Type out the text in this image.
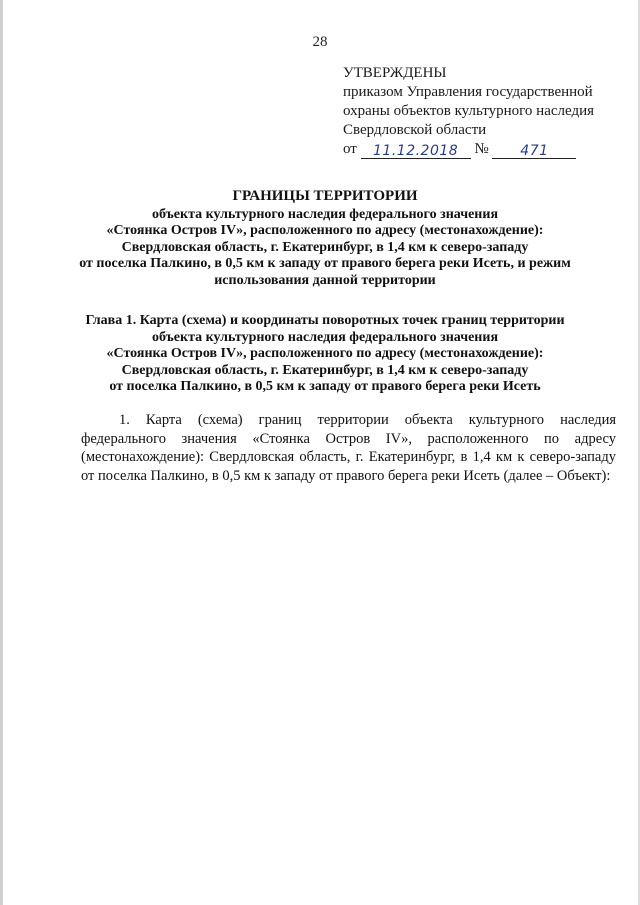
28
УТВЕРЖДЕНЫ
приказом Управления государственной
охраны объектов культурного наследия
Свердловской области
от 11.12.2018 № 471
ГРАНИЦЫ ТЕРРИТОРИИ
объекта культурного наследия федерального значения
«Стоянка Остров IV», расположенного по адресу (местонахождение):
Свердловская область, г. Екатеринбург, в 1,4 км к северо-западу
от поселка Палкино, в 0,5 км к западу от правого берега реки Исеть, и режим
использования данной территории
Глава 1. Карта (схема) и координаты поворотных точек границ территории
объекта культурного наследия федерального значения
«Стоянка Остров IV», расположенного по адресу (местонахождение):
Свердловская область, г. Екатеринбург, в 1,4 км к северо-западу
от поселка Палкино, в 0,5 км к западу от правого берега реки Исеть

1. Карта (схема) границ территории объекта культурного наследия федерального значения «Стоянка Остров IV», расположенного по адресу (местонахождение): Свердловская область, г. Екатеринбург, в 1,4 км к северо-западу от поселка Палкино, в 0,5 км к западу от правого берега реки Исеть (далее – Объект):
